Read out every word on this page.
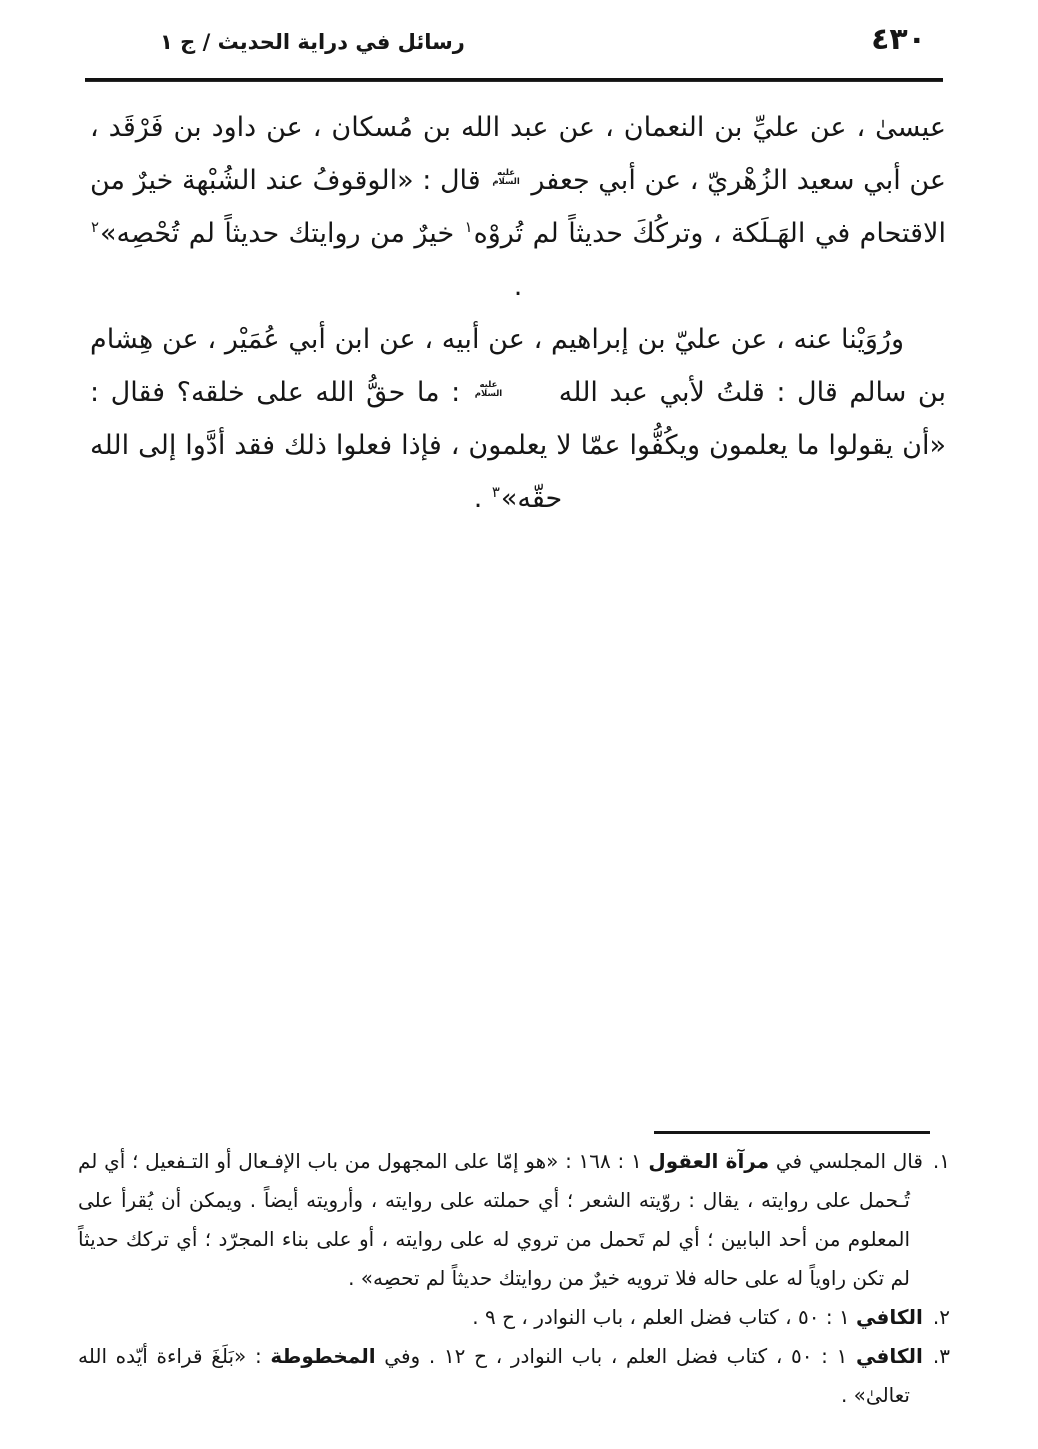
رسائل في دراية الحديث / ج ١	٤٣٠

عيسىٰ ، عن عليِّ بن النعمان ، عن عبد الله بن مُسكان ، عن داود بن فَرْقَد ، عن أبي سعيد الزُهْريّ ، عن أبي جعفر
عليه
السلام
قال : «الوقوفُ عند الشُبْهة خيرٌ من الاقتحام في الهَـلَكة ، وتركُكَ حديثاً لم تُروْه$^١$ خيرٌ من روايتك حديثاً لم تُحْصِه»$^٢$ .

ورُوَيْنا عنه ، عن عليّ بن إبراهيم ، عن أبيه ، عن ابن أبي عُمَيْر ، عن هِشام بن سالم قال : قلتُ لأبي عبد الله
عليه
السلام
: ما حقُّ الله على خلقه؟ فقال : «أن يقولوا ما يعلمون ويكُفُّوا عمّا لا يعلمون ، فإذا فعلوا ذلك فقد أدَّوا إلى الله حقّه»$^٣$ .

١.قال المجلسي في مرآة العقول ١ : ١٦٨ : «هو إمّا على المجهول من باب الإفـعال أو التـفعيل ؛ أي لم تُـحمل على روايته ، يقال : روّيته الشعر ؛ أي حملته على روايته ، وأرويته أيضاً . ويمكن أن يُقرأ على المعلوم من أحد البابين ؛ أي لم تَحمل من تروي له على روايته ، أو على بناء المجرّد ؛ أي تركك حديثاً لم تكن راوياً له على حاله فلا ترويه خيرٌ من روايتك حديثاً لم تحصِه» .

٢.الكافي ١ : ٥٠ ، كتاب فضل العلم ، باب النوادر ، ح ٩ .

٣.الكافي ١ : ٥٠ ، كتاب فضل العلم ، باب النوادر ، ح ١٢ . وفي المخطوطة : «بَلَغَ قراءة أيّده الله تعالىٰ» .
